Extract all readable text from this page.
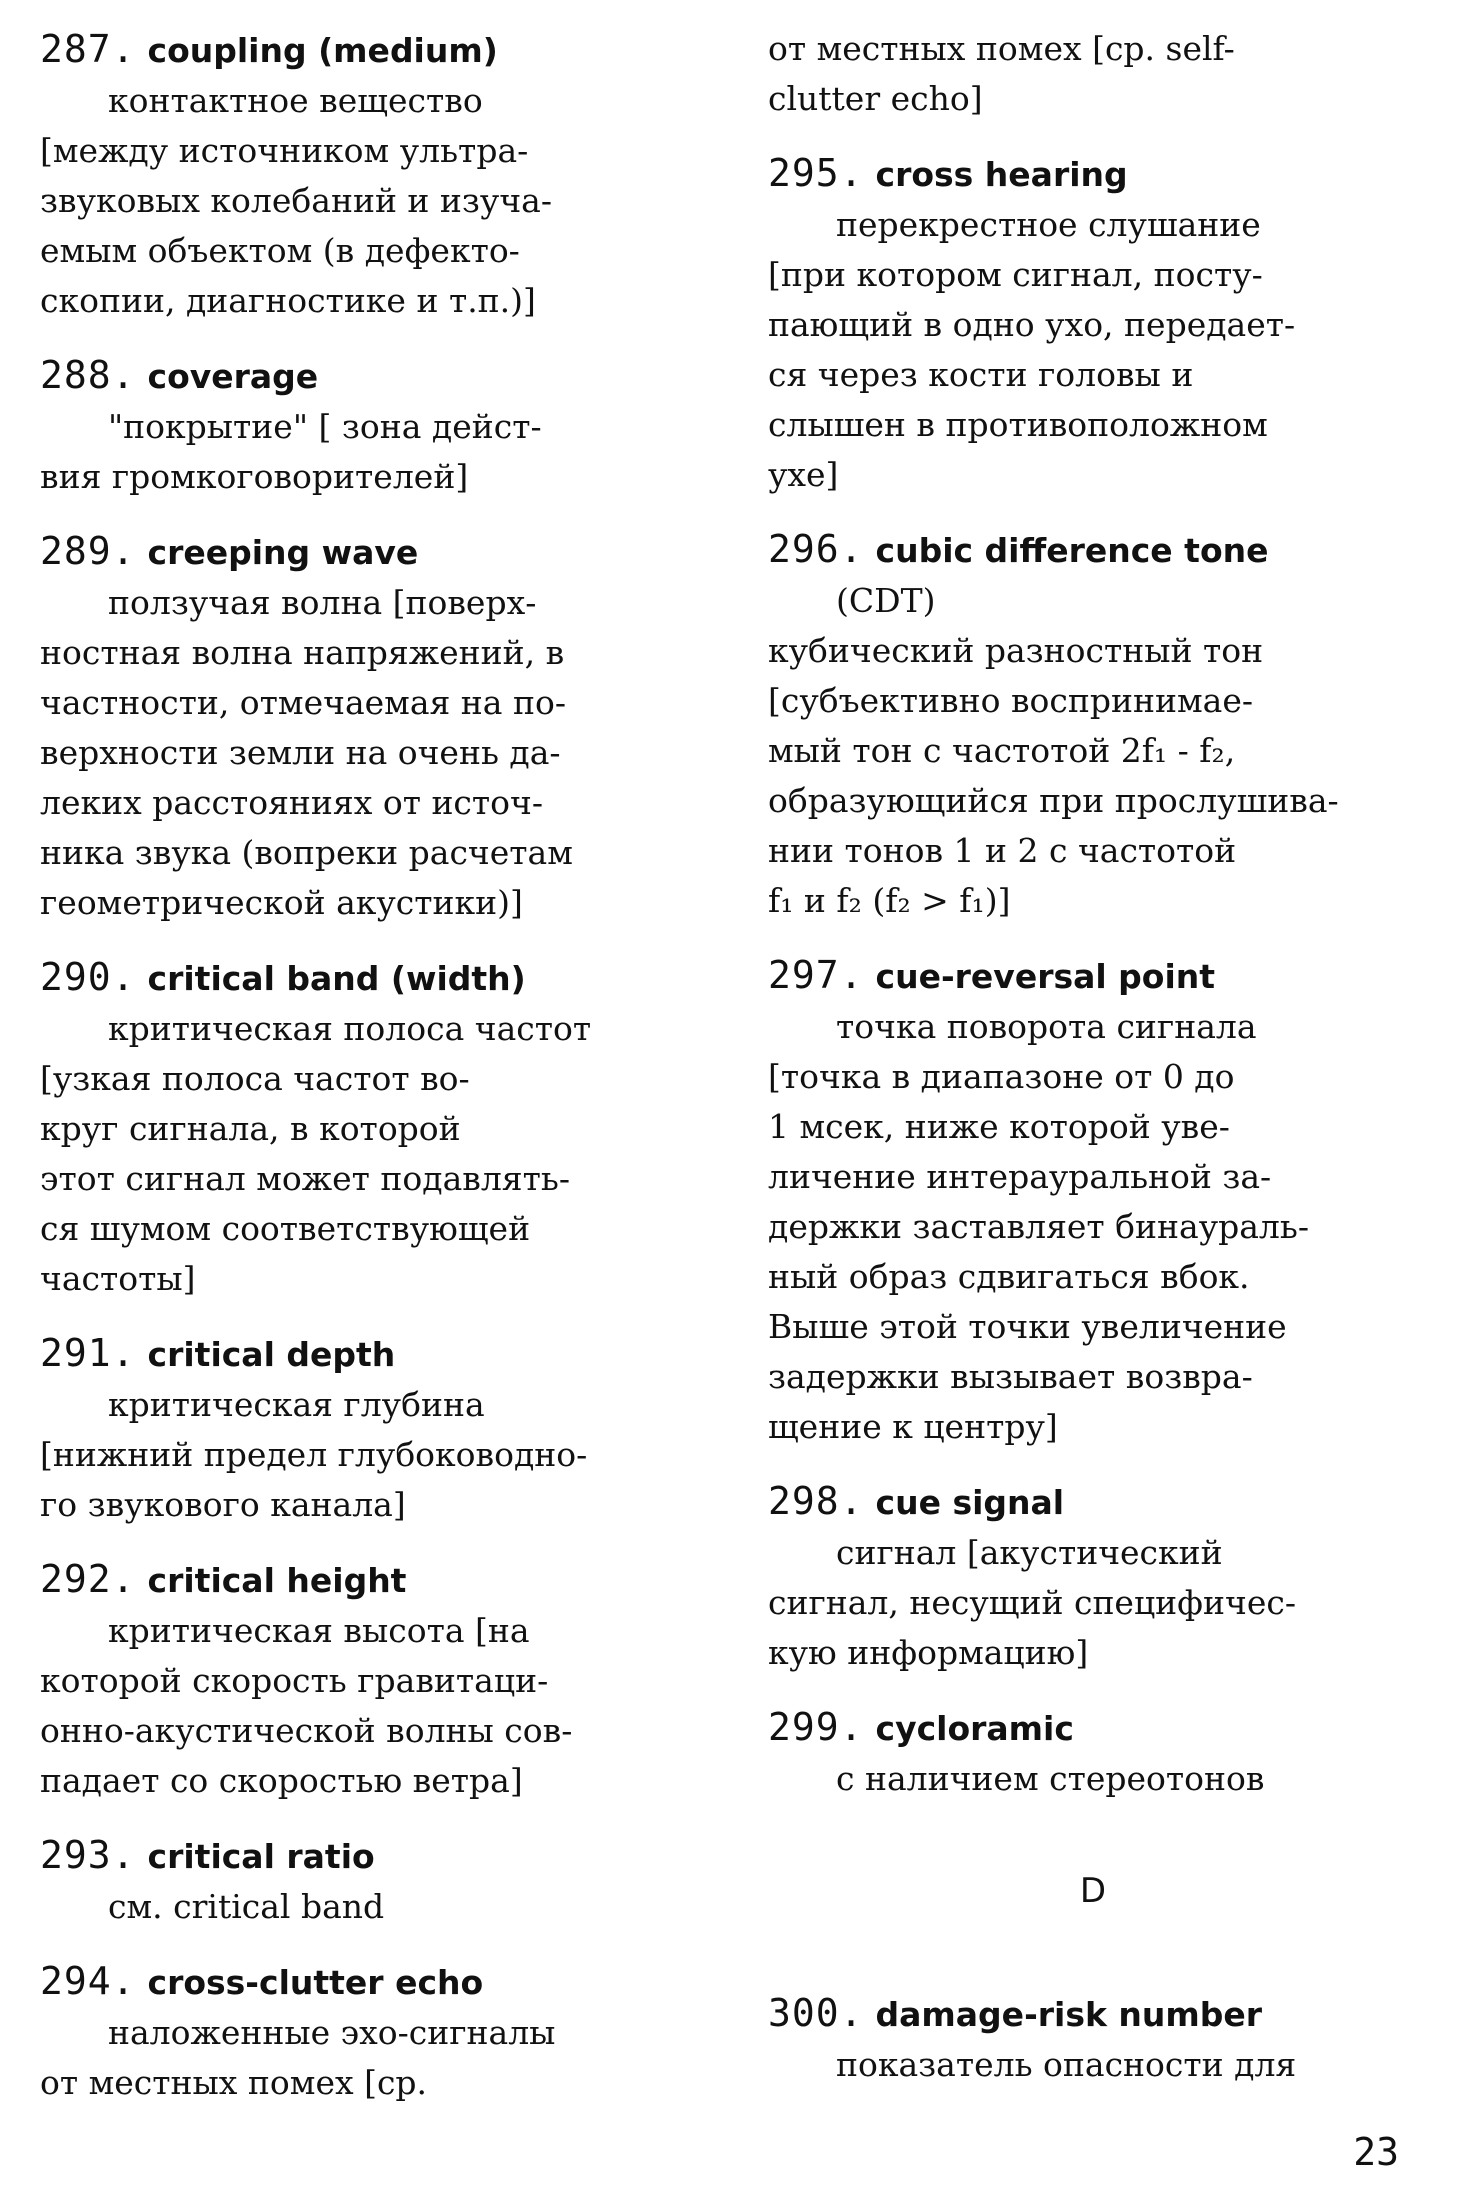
287. coupling (medium)
контактное вещество
[между источником ультра-
звуковых колебаний и изуча-
емым объектом (в дефекто-
скопии, диагностике и т.п.)]
288. coverage
"покрытие" [ зона дейст-
вия громкоговорителей]
289. creeping wave
ползучая волна [поверх-
ностная волна напряжений, в
частности, отмечаемая на по-
верхности земли на очень да-
леких расстояниях от источ-
ника звука (вопреки расчетам
геометрической акустики)]
290. critical band (width)
критическая полоса частот
[узкая полоса частот во-
круг сигнала, в которой
этот сигнал может подавлять-
ся шумом соответствующей
частоты]
291. critical depth
критическая глубина
[нижний предел глубоководно-
го звукового канала]
292. critical height
критическая высота [на
которой скорость гравитаци-
онно-акустической волны сов-
падает со скоростью ветра]
293. critical ratio
см. critical band
294. cross-clutter echo
наложенные эхо-сигналы
от местных помех [ср.
от местных помех [ср. self-
clutter echo]
295. cross hearing
перекрестное слушание
[при котором сигнал, посту-
пающий в одно ухо, передает-
ся через кости головы и
слышен в противоположном
ухе]
296. cubic difference tone
(CDT)
кубический разностный тон
[субъективно воспринимае-
мый тон с частотой 2f₁ - f₂,
образующийся при прослушива-
нии тонов 1 и 2 с частотой
f₁ и f₂ (f₂ > f₁)]
297. cue-reversal point
точка поворота сигнала
[точка в диапазоне от 0 до
1 мсек, ниже которой уве-
личение интерауральной за-
держки заставляет бинаураль-
ный образ сдвигаться вбок.
Выше этой точки увеличение
задержки вызывает возвра-
щение к центру]
298. cue signal
сигнал [акустический
сигнал, несущий специфичес-
кую информацию]
299. cycloramic
с наличием стереотонов
D
300. damage-risk number
показатель опасности для
23
